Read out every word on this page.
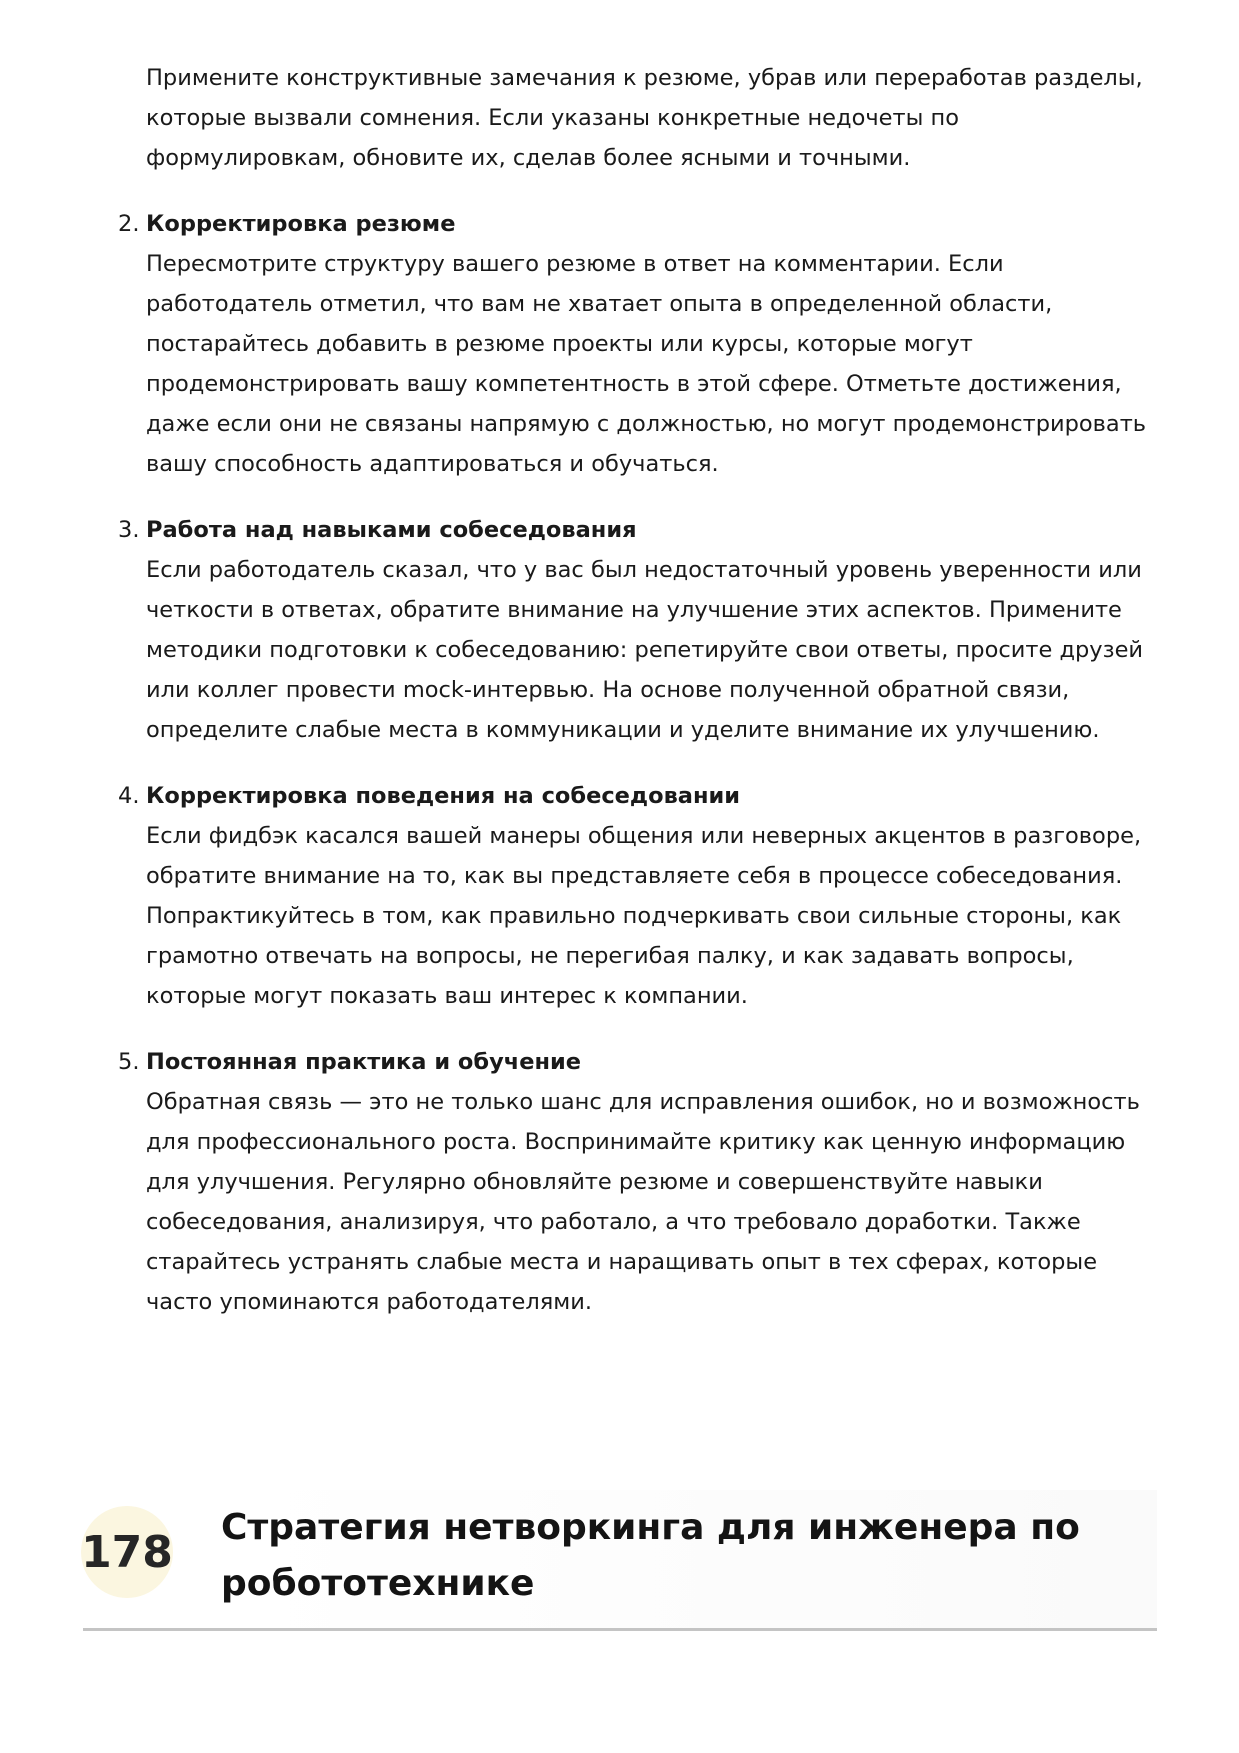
Примените конструктивные замечания к резюме, убрав или переработав разделы, которые вызвали сомнения. Если указаны конкретные недочеты по формулировкам, обновите их, сделав более ясными и точными.

2. Корректировка резюме

Пересмотрите структуру вашего резюме в ответ на комментарии. Если работодатель отметил, что вам не хватает опыта в определенной области, постарайтесь добавить в резюме проекты или курсы, которые могут продемонстрировать вашу компетентность в этой сфере. Отметьте достижения, даже если они не связаны напрямую с должностью, но могут продемонстрировать вашу способность адаптироваться и обучаться.

3. Работа над навыками собеседования

Если работодатель сказал, что у вас был недостаточный уровень уверенности или четкости в ответах, обратите внимание на улучшение этих аспектов. Примените методики подготовки к собеседованию: репетируйте свои ответы, просите друзей или коллег провести mock-интервью. На основе полученной обратной связи, определите слабые места в коммуникации и уделите внимание их улучшению.

4. Корректировка поведения на собеседовании

Если фидбэк касался вашей манеры общения или неверных акцентов в разговоре, обратите внимание на то, как вы представляете себя в процессе собеседования. Попрактикуйтесь в том, как правильно подчеркивать свои сильные стороны, как грамотно отвечать на вопросы, не перегибая палку, и как задавать вопросы, которые могут показать ваш интерес к компании.

5. Постоянная практика и обучение

Обратная связь — это не только шанс для исправления ошибок, но и возможность для профессионального роста. Воспринимайте критику как ценную информацию для улучшения. Регулярно обновляйте резюме и совершенствуйте навыки собеседования, анализируя, что работало, а что требовало доработки. Также старайтесь устранять слабые места и наращивать опыт в тех сферах, которые часто упоминаются работодателями.

178 Стратегия нетворкинга для инженера по робототехнике
